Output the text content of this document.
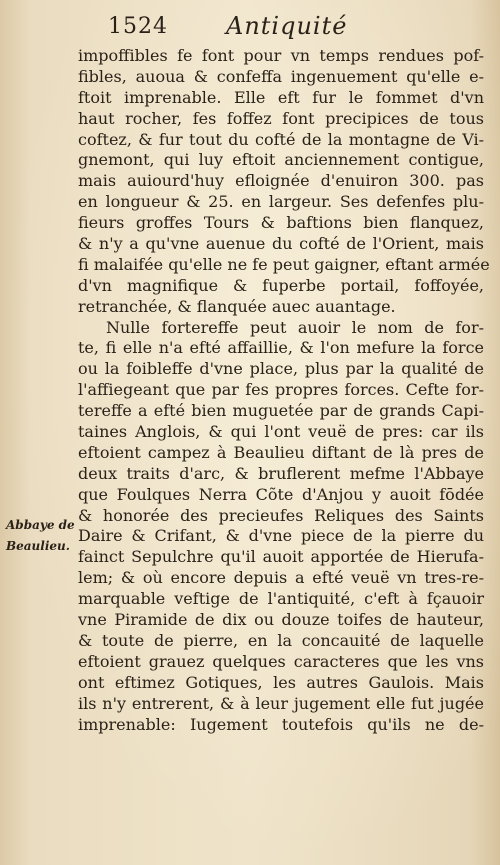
1524 Antiquité
Abbaye de
Beaulieu.
impoffibles fe font pour vn temps rendues pof-
fibles, auoua & confeffa ingenuement qu'elle e-
ftoit imprenable. Elle eft fur le fommet d'vn
haut rocher, fes foffez font precipices de tous
coftez, & fur tout du cofté de la montagne de Vi-
gnemont, qui luy eftoit anciennement contigue,
mais auiourd'huy efloignée d'enuiron 300. pas
en longueur & 25. en largeur. Ses defenfes plu-
fieurs groffes Tours & baftions bien flanquez,
& n'y a qu'vne auenue du cofté de l'Orient, mais
fi malaifée qu'elle ne fe peut gaigner, eftant armée
d'vn magnifique & fuperbe portail, foffoyée,
retranchée, & flanquée auec auantage.
Nulle fortereffe peut auoir le nom de for-
te, fi elle n'a efté affaillie, & l'on mefure la force
ou la foibleffe d'vne place, plus par la qualité de
l'affiegeant que par fes propres forces. Cefte for-
tereffe a efté bien muguetée par de grands Capi-
taines Anglois, & qui l'ont veuë de pres: car ils
eftoient campez à Beaulieu diftant de là pres de
deux traits d'arc, & bruflerent mefme l'Abbaye
que Foulques Nerra Cõte d'Anjou y auoit fōdée
& honorée des precieufes Reliques des Saints
Daire & Crifant, & d'vne piece de la pierre du
fainct Sepulchre qu'il auoit apportée de Hierufa-
lem; & où encore depuis a efté veuë vn tres-re-
marquable veftige de l'antiquité, c'eft à fçauoir
vne Piramide de dix ou douze toifes de hauteur,
& toute de pierre, en la concauité de laquelle
eftoient grauez quelques caracteres que les vns
ont eftimez Gotiques, les autres Gaulois. Mais
ils n'y entrerent, & à leur jugement elle fut jugée
imprenable: Iugement toutefois qu'ils ne de-
